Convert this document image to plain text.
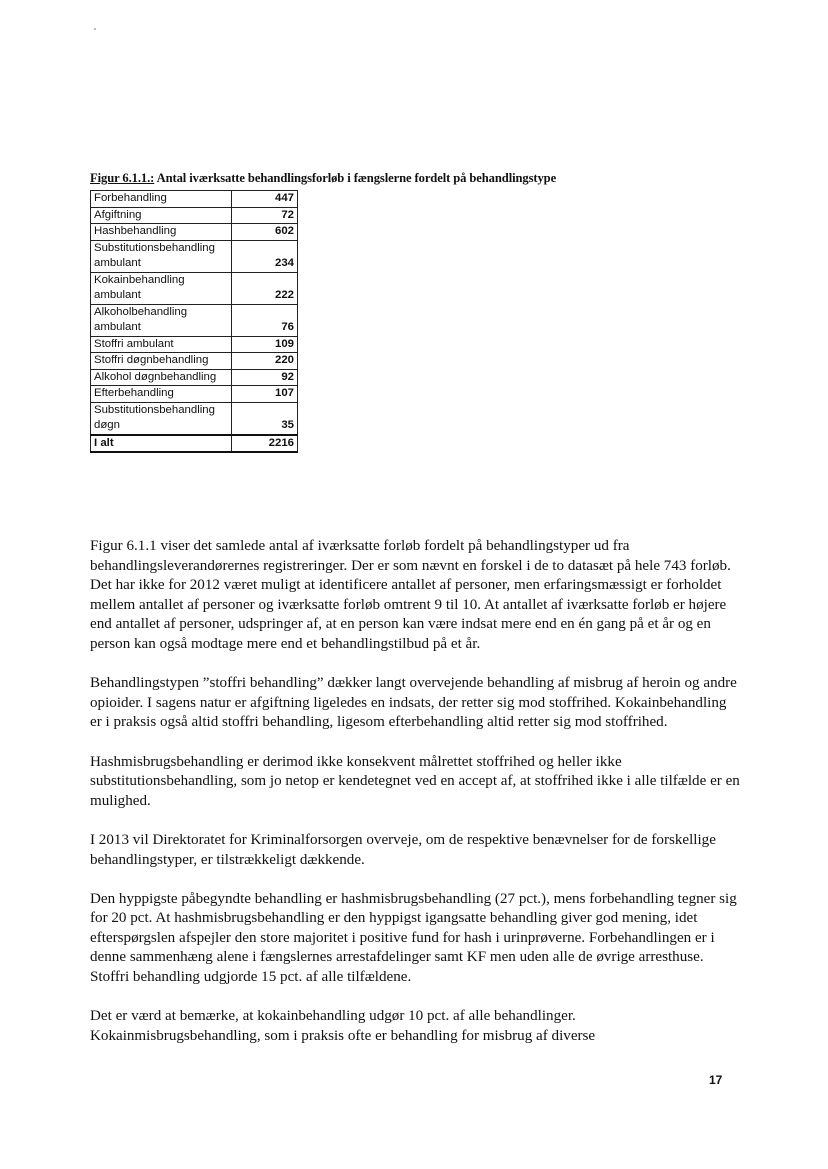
Figur 6.1.1.: Antal iværksatte behandlingsforløb i fængslerne fordelt på behandlingstype
Forbehandling	447
Afgiftning	72
Hashbehandling	602
Substitutionsbehandling ambulant	234
Kokainbehandling ambulant	222
Alkoholbehandling ambulant	76
Stoffri ambulant	109
Stoffri døgnbehandling	220
Alkohol døgnbehandling	92
Efterbehandling	107
Substitutionsbehandling døgn	35
I alt	2216

Figur 6.1.1 viser det samlede antal af iværksatte forløb fordelt på behandlingstyper ud fra behandlingsleverandørernes registreringer. Der er som nævnt en forskel i de to datasæt på hele 743 forløb. Det har ikke for 2012 været muligt at identificere antallet af personer, men erfaringsmæssigt er forholdet mellem antallet af personer og iværksatte forløb omtrent 9 til 10. At antallet af iværksatte forløb er højere end antallet af personer, udspringer af, at en person kan være indsat mere end en én gang på et år og en person kan også modtage mere end et behandlingstilbud på et år.

Behandlingstypen ”stoffri behandling” dækker langt overvejende behandling af misbrug af heroin og andre opioider. I sagens natur er afgiftning ligeledes en indsats, der retter sig mod stoffrihed. Kokainbehandling er i praksis også altid stoffri behandling, ligesom efterbehandling altid retter sig mod stoffrihed.

Hashmisbrugsbehandling er derimod ikke konsekvent målrettet stoffrihed og heller ikke substitutionsbehandling, som jo netop er kendetegnet ved en accept af, at stoffrihed ikke i alle tilfælde er en mulighed.

I 2013 vil Direktoratet for Kriminalforsorgen overveje, om de respektive benævnelser for de forskellige behandlingstyper, er tilstrækkeligt dækkende.

Den hyppigste påbegyndte behandling er hashmisbrugsbehandling (27 pct.), mens forbehandling tegner sig for 20 pct. At hashmisbrugsbehandling er den hyppigst igangsatte behandling giver god mening, idet efterspørgslen afspejler den store majoritet i positive fund for hash i urinprøverne. Forbehandlingen er i denne sammenhæng alene i fængslernes arrestafdelinger samt KF men uden alle de øvrige arresthuse. Stoffri behandling udgjorde 15 pct. af alle tilfældene.

Det er værd at bemærke, at kokainbehandling udgør 10 pct. af alle behandlinger. Kokainmisbrugsbehandling, som i praksis ofte er behandling for misbrug af diverse

17
